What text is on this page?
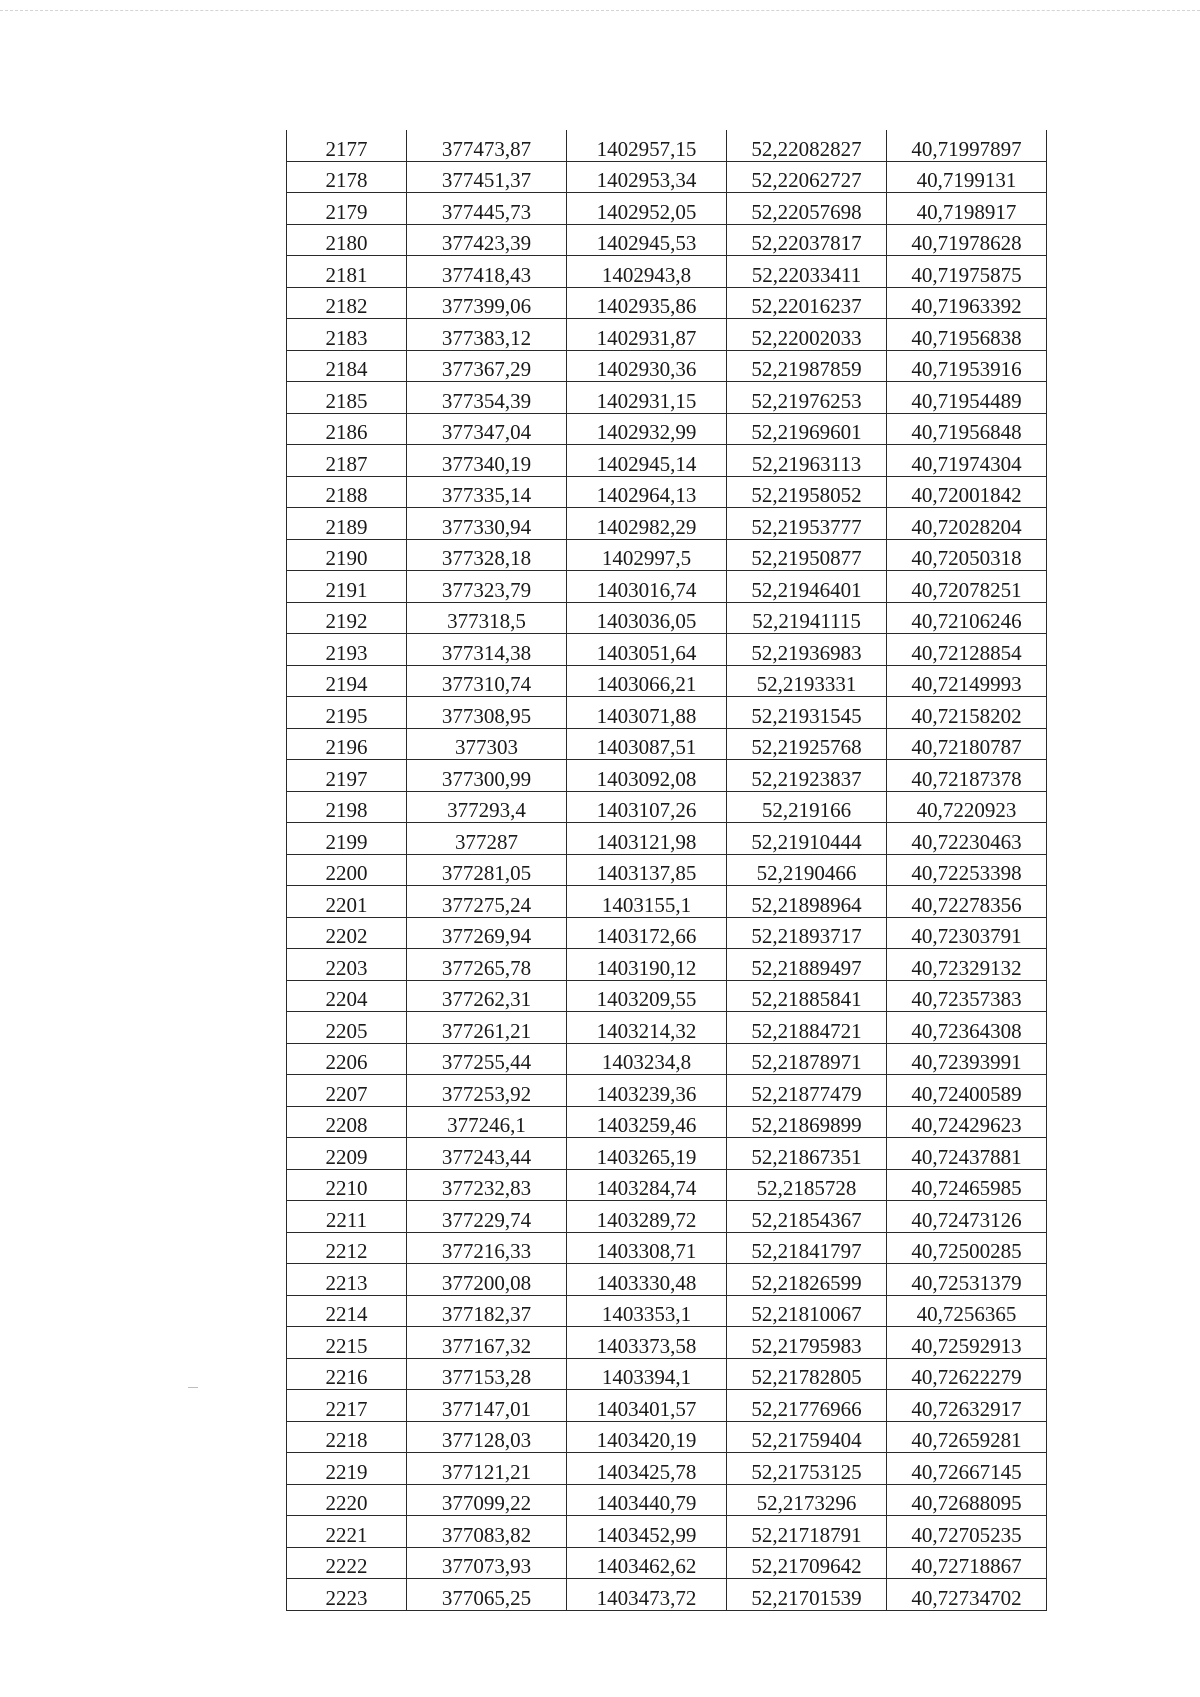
2177	377473,87	1402957,15	52,22082827	40,71997897
2178	377451,37	1402953,34	52,22062727	40,7199131
2179	377445,73	1402952,05	52,22057698	40,7198917
2180	377423,39	1402945,53	52,22037817	40,71978628
2181	377418,43	1402943,8	52,22033411	40,71975875
2182	377399,06	1402935,86	52,22016237	40,71963392
2183	377383,12	1402931,87	52,22002033	40,71956838
2184	377367,29	1402930,36	52,21987859	40,71953916
2185	377354,39	1402931,15	52,21976253	40,71954489
2186	377347,04	1402932,99	52,21969601	40,71956848
2187	377340,19	1402945,14	52,21963113	40,71974304
2188	377335,14	1402964,13	52,21958052	40,72001842
2189	377330,94	1402982,29	52,21953777	40,72028204
2190	377328,18	1402997,5	52,21950877	40,72050318
2191	377323,79	1403016,74	52,21946401	40,72078251
2192	377318,5	1403036,05	52,21941115	40,72106246
2193	377314,38	1403051,64	52,21936983	40,72128854
2194	377310,74	1403066,21	52,2193331	40,72149993
2195	377308,95	1403071,88	52,21931545	40,72158202
2196	377303	1403087,51	52,21925768	40,72180787
2197	377300,99	1403092,08	52,21923837	40,72187378
2198	377293,4	1403107,26	52,219166	40,7220923
2199	377287	1403121,98	52,21910444	40,72230463
2200	377281,05	1403137,85	52,2190466	40,72253398
2201	377275,24	1403155,1	52,21898964	40,72278356
2202	377269,94	1403172,66	52,21893717	40,72303791
2203	377265,78	1403190,12	52,21889497	40,72329132
2204	377262,31	1403209,55	52,21885841	40,72357383
2205	377261,21	1403214,32	52,21884721	40,72364308
2206	377255,44	1403234,8	52,21878971	40,72393991
2207	377253,92	1403239,36	52,21877479	40,72400589
2208	377246,1	1403259,46	52,21869899	40,72429623
2209	377243,44	1403265,19	52,21867351	40,72437881
2210	377232,83	1403284,74	52,2185728	40,72465985
2211	377229,74	1403289,72	52,21854367	40,72473126
2212	377216,33	1403308,71	52,21841797	40,72500285
2213	377200,08	1403330,48	52,21826599	40,72531379
2214	377182,37	1403353,1	52,21810067	40,7256365
2215	377167,32	1403373,58	52,21795983	40,72592913
2216	377153,28	1403394,1	52,21782805	40,72622279
2217	377147,01	1403401,57	52,21776966	40,72632917
2218	377128,03	1403420,19	52,21759404	40,72659281
2219	377121,21	1403425,78	52,21753125	40,72667145
2220	377099,22	1403440,79	52,2173296	40,72688095
2221	377083,82	1403452,99	52,21718791	40,72705235
2222	377073,93	1403462,62	52,21709642	40,72718867
2223	377065,25	1403473,72	52,21701539	40,72734702
